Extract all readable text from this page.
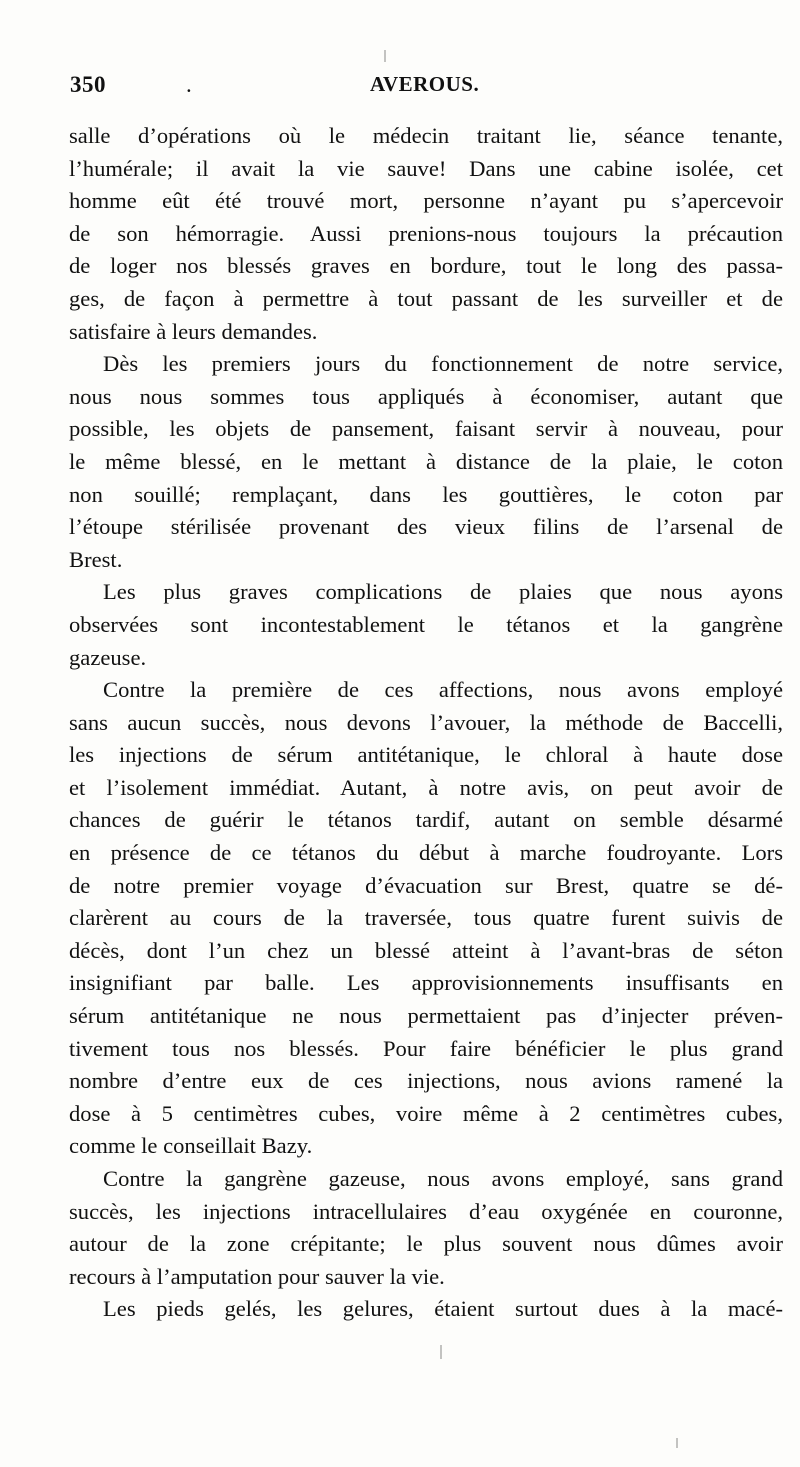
350	.	AVEROUS.
salle d’opérations où le médecin traitant lie, séance tenante,
l’humérale; il avait la vie sauve! Dans une cabine isolée, cet
homme eût été trouvé mort, personne n’ayant pu s’apercevoir
de son hémorragie. Aussi prenions-nous toujours la précaution
de loger nos blessés graves en bordure, tout le long des passa-
ges, de façon à permettre à tout passant de les surveiller et de
satisfaire à leurs demandes.
Dès les premiers jours du fonctionnement de notre service,
nous nous sommes tous appliqués à économiser, autant que
possible, les objets de pansement, faisant servir à nouveau, pour
le même blessé, en le mettant à distance de la plaie, le coton
non souillé; remplaçant, dans les gouttières, le coton par
l’étoupe stérilisée provenant des vieux filins de l’arsenal de
Brest.
Les plus graves complications de plaies que nous ayons
observées sont incontestablement le tétanos et la gangrène
gazeuse.
Contre la première de ces affections, nous avons employé
sans aucun succès, nous devons l’avouer, la méthode de Baccelli,
les injections de sérum antitétanique, le chloral à haute dose
et l’isolement immédiat. Autant, à notre avis, on peut avoir de
chances de guérir le tétanos tardif, autant on semble désarmé
en présence de ce tétanos du début à marche foudroyante. Lors
de notre premier voyage d’évacuation sur Brest, quatre se dé-
clarèrent au cours de la traversée, tous quatre furent suivis de
décès, dont l’un chez un blessé atteint à l’avant-bras de séton
insignifiant par balle. Les approvisionnements insuffisants en
sérum antitétanique ne nous permettaient pas d’injecter préven-
tivement tous nos blessés. Pour faire bénéficier le plus grand
nombre d’entre eux de ces injections, nous avions ramené la
dose à 5 centimètres cubes, voire même à 2 centimètres cubes,
comme le conseillait Bazy.
Contre la gangrène gazeuse, nous avons employé, sans grand
succès, les injections intracellulaires d’eau oxygénée en couronne,
autour de la zone crépitante; le plus souvent nous dûmes avoir
recours à l’amputation pour sauver la vie.
Les pieds gelés, les gelures, étaient surtout dues à la macé-
